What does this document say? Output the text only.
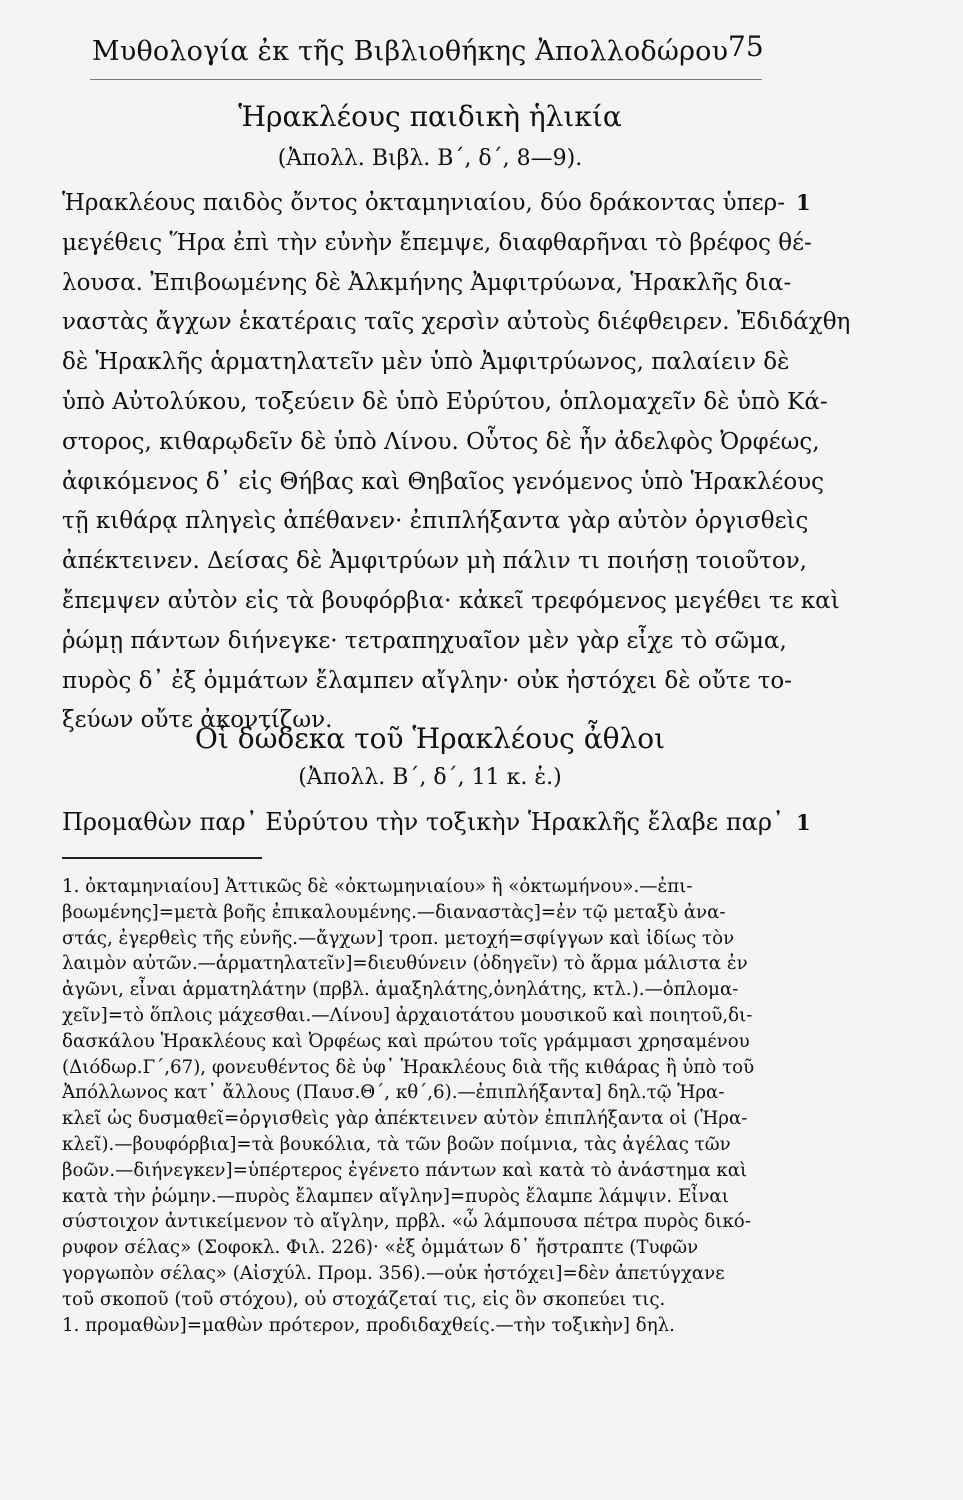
Μυθολογία ἐκ τῆς Βιβλιοθήκης Ἀπολλοδώρου 75
Ἡρακλέους παιδικὴ ἡλικία
(Ἀπολλ. Βιβλ. Β΄, δ΄, 8—9).
Ἡρακλέους παιδὸς ὄντος ὀκταμηνιαίου, δύο δράκοντας ὑπερ-
μεγέθεις Ἥρα ἐπὶ τὴν εὐνὴν ἔπεμψε, διαφθαρῆναι τὸ βρέφος θέ-
λουσα. Ἐπιβοωμένης δὲ Ἀλκμήνης Ἀμφιτρύωνα, Ἡρακλῆς δια-
ναστὰς ἄγχων ἑκατέραις ταῖς χερσὶν αὐτοὺς διέφθειρεν. Ἐδιδάχθη
δὲ Ἡρακλῆς ἁρματηλατεῖν μὲν ὑπὸ Ἀμφιτρύωνος, παλαίειν δὲ
ὑπὸ Αὐτολύκου, τοξεύειν δὲ ὑπὸ Εὐρύτου, ὁπλομαχεῖν δὲ ὑπὸ Κά-
στορος, κιθαρῳδεῖν δὲ ὑπὸ Λίνου. Οὗτος δὲ ἦν ἀδελφὸς Ὀρφέως,
ἀφικόμενος δ᾽ εἰς Θήβας καὶ Θηβαῖος γενόμενος ὑπὸ Ἡρακλέους
τῇ κιθάρᾳ πληγεὶς ἀπέθανεν· ἐπιπλήξαντα γὰρ αὐτὸν ὀργισθεὶς
ἀπέκτεινεν. Δείσας δὲ Ἀμφιτρύων μὴ πάλιν τι ποιήσῃ τοιοῦτον,
ἔπεμψεν αὐτὸν εἰς τὰ βουφόρβια· κἀκεῖ τρεφόμενος μεγέθει τε καὶ
ῥώμῃ πάντων διήνεγκε· τετραπηχυαῖον μὲν γὰρ εἶχε τὸ σῶμα,
πυρὸς δ᾽ ἐξ ὀμμάτων ἔλαμπεν αἴγλην· οὐκ ἠστόχει δὲ οὔτε το-
ξεύων οὔτε ἀκοντίζων.
1
Οἱ δώδεκα τοῦ Ἡρακλέους ἆθλοι
(Ἀπολλ. Β΄, δ΄, 11 κ. ἑ.)
Προμαθὼν παρ᾽ Εὐρύτου τὴν τοξικὴν Ἡρακλῆς ἔλαβε παρ᾽ 1
1. ὀκταμηνιαίου] Ἀττικῶς δὲ «ὀκτωμηνιαίου» ἢ «ὀκτωμήνου».—ἐπι-
βοωμένης]=μετὰ βοῆς ἐπικαλουμένης.—διαναστὰς]=ἐν τῷ μεταξὺ ἀνα-
στάς, ἐγερθεὶς τῆς εὐνῆς.—ἄγχων] τροπ. μετοχή=σφίγγων καὶ ἰδίως τὸν
λαιμὸν αὐτῶν.—ἁρματηλατεῖν]=διευθύνειν (ὁδηγεῖν) τὸ ἅρμα μάλιστα ἐν
ἀγῶνι, εἶναι ἁρματηλάτην (πρβλ. ἁμαξηλάτης,ὀνηλάτης, κτλ.).—ὁπλομα-
χεῖν]=τὸ ὅπλοις μάχεσθαι.—Λίνου] ἀρχαιοτάτου μουσικοῦ καὶ ποιητοῦ,δι-
δασκάλου Ἡρακλέους καὶ Ὀρφέως καὶ πρώτου τοῖς γράμμασι χρησαμένου
(Διόδωρ.Γ΄,67), φονευθέντος δὲ ὑφ᾽ Ἡρακλέους διὰ τῆς κιθάρας ἢ ὑπὸ τοῦ
Ἀπόλλωνος κατ᾽ ἄλλους (Παυσ.Θ΄, κθ΄,6).—ἐπιπλήξαντα] δηλ.τῷ Ἡρα-
κλεῖ ὡς δυσμαθεῖ=ὀργισθεὶς γὰρ ἀπέκτεινεν αὐτὸν ἐπιπλήξαντα οἱ (Ἡρα-
κλεῖ).—βουφόρβια]=τὰ βουκόλια, τὰ τῶν βοῶν ποίμνια, τὰς ἀγέλας τῶν
βοῶν.—διήνεγκεν]=ὑπέρτερος ἐγένετο πάντων καὶ κατὰ τὸ ἀνάστημα καὶ
κατὰ τὴν ῥώμην.—πυρὸς ἔλαμπεν αἴγλην]=πυρὸς ἔλαμπε λάμψιν. Εἶναι
σύστοιχον ἀντικείμενον τὸ αἴγλην, πρβλ. «ὦ λάμπουσα πέτρα πυρὸς δικό-
ρυφον σέλας» (Σοφοκλ. Φιλ. 226)· «ἐξ ὀμμάτων δ᾽ ἤστραπτε (Τυφῶν
γοργωπὸν σέλας» (Αἰσχύλ. Προμ. 356).—οὐκ ἠστόχει]=δὲν ἀπετύγχανε
τοῦ σκοποῦ (τοῦ στόχου), οὐ στοχάζεταί τις, εἰς ὃν σκοπεύει τις.
1. προμαθὼν]=μαθὼν πρότερον, προδιδαχθείς.—τὴν τοξικὴν] δηλ.
